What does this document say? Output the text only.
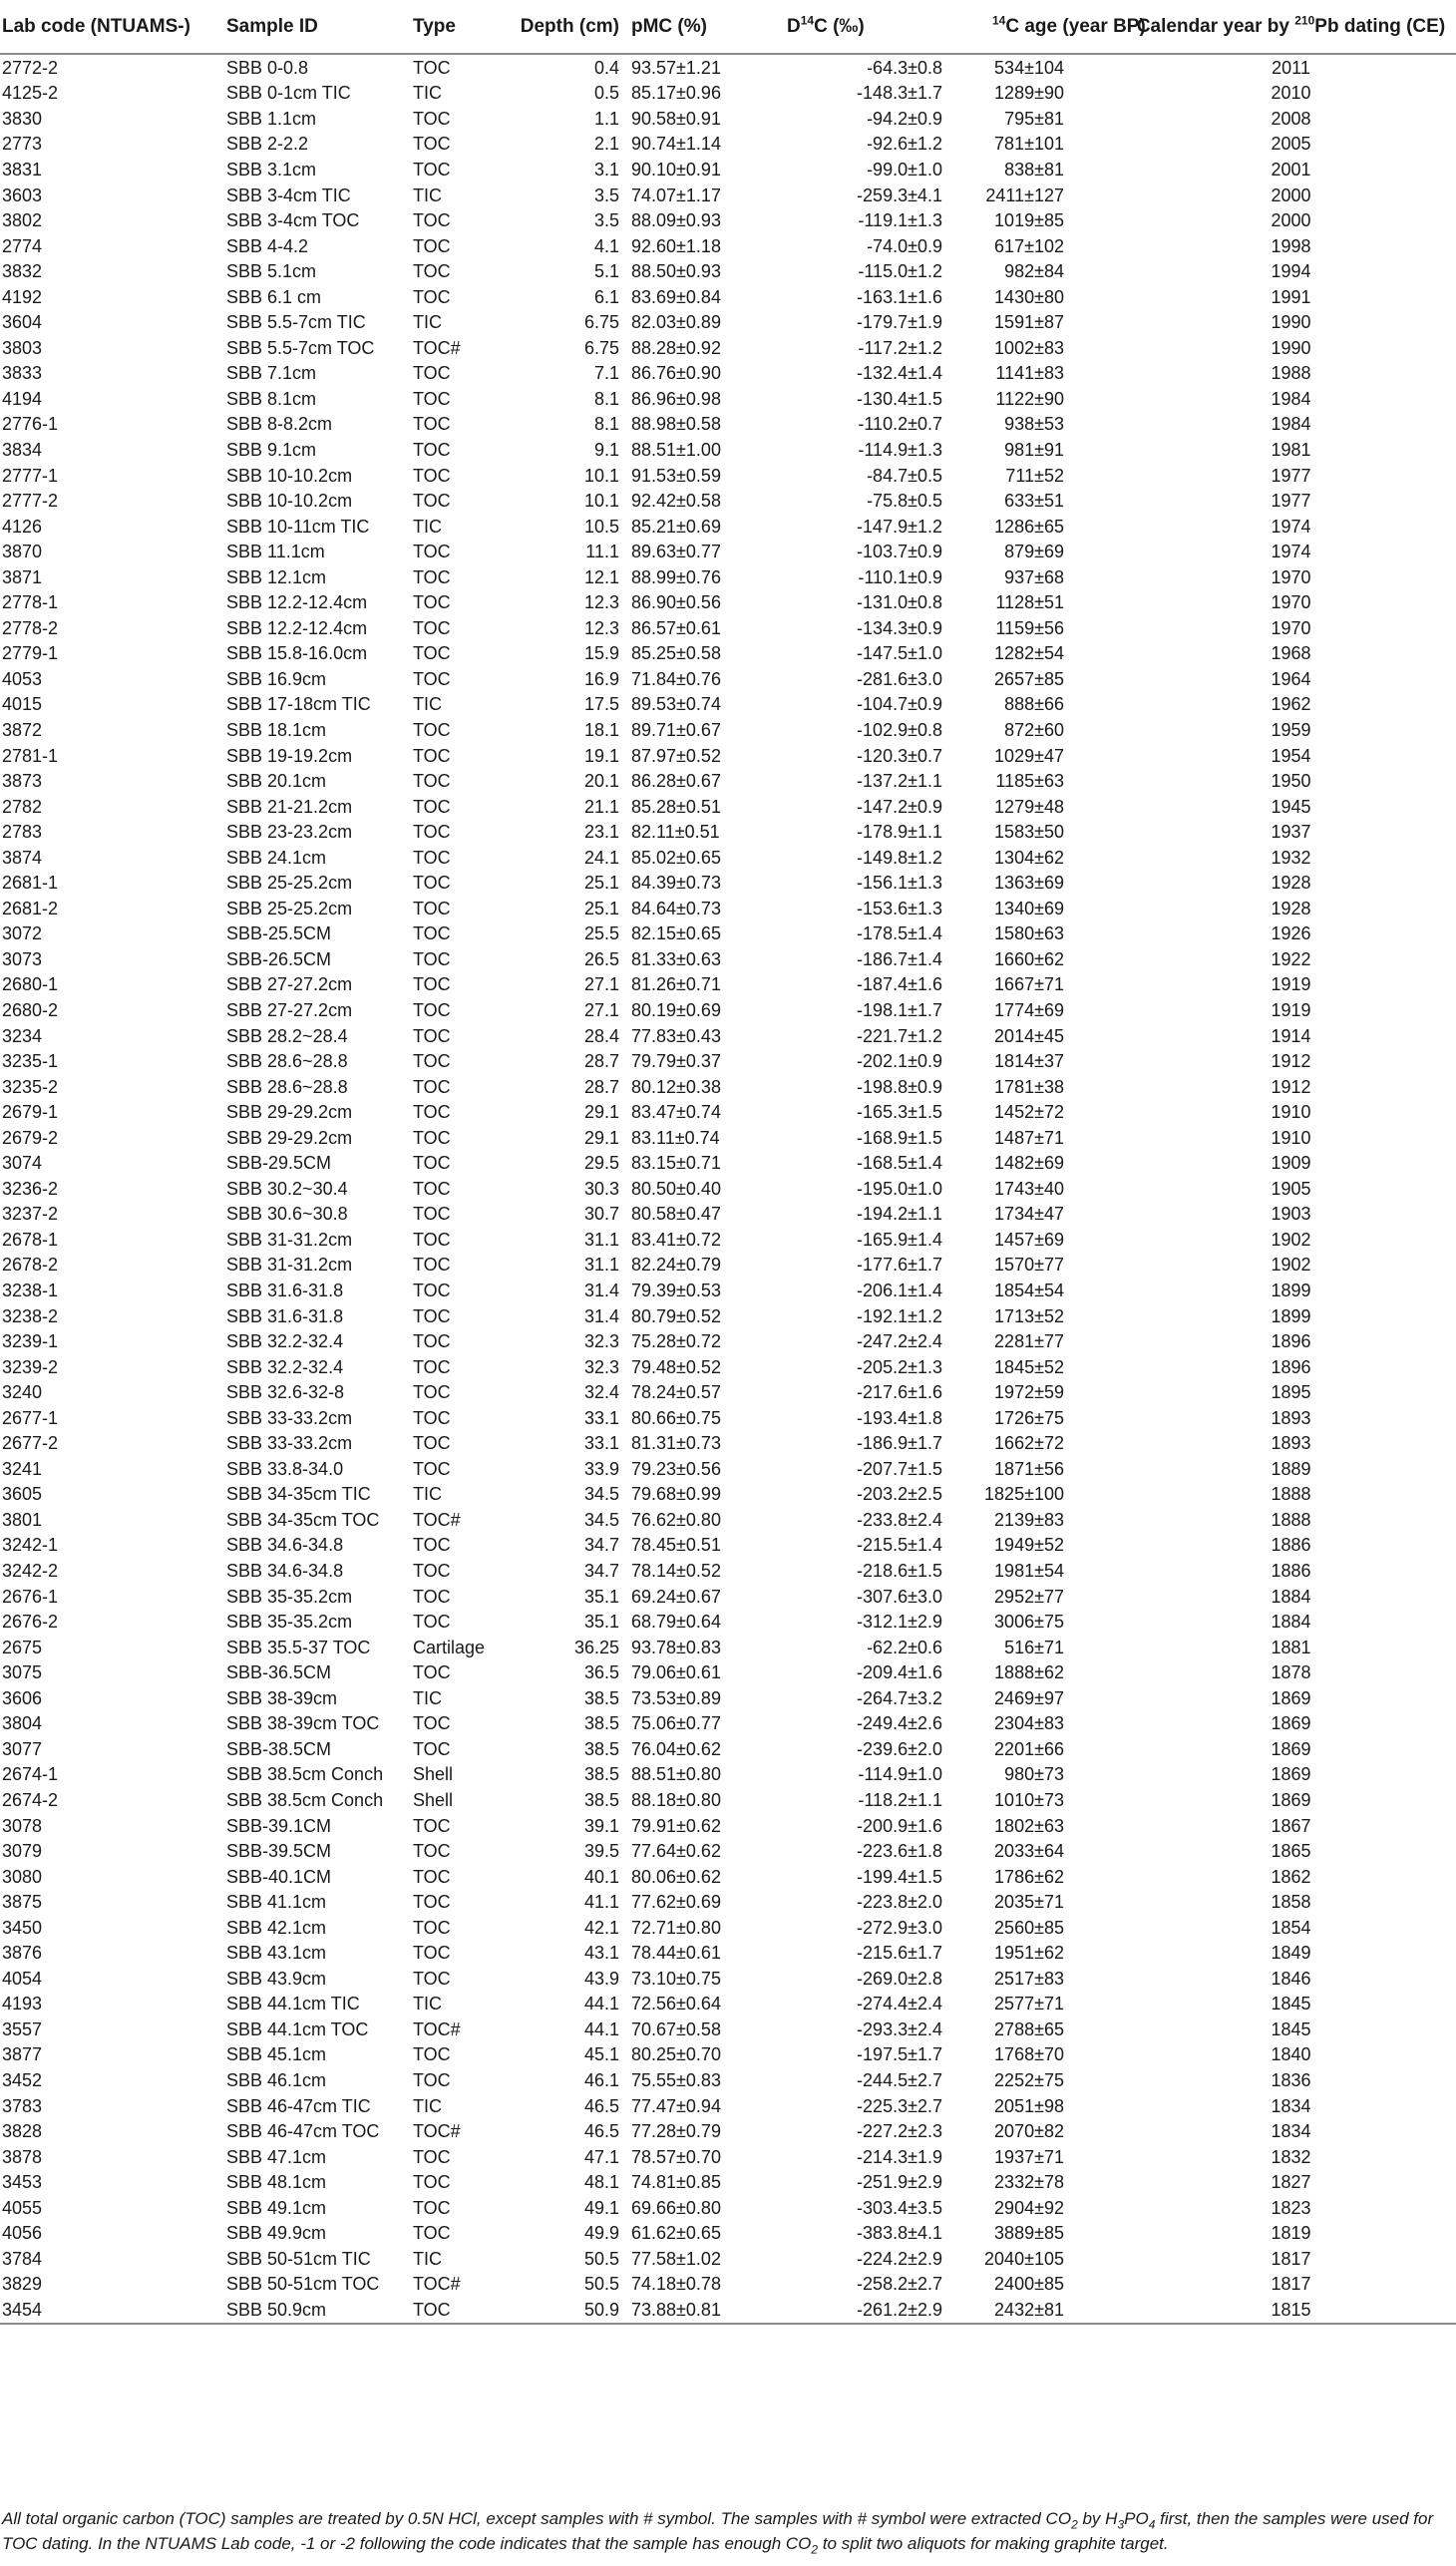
Lab code (NTUAMS-)	Sample ID	Type	Depth (cm)	pMC (%)	$D^{14}C$ (‰)	$^{14}$C age (year BP)	Calendar year by $^{210}$Pb dating (CE)
2772-2	SBB 0-0.8	TOC	0.4	93.57±1.21	-64.3±0.8	534±104	2011
4125-2	SBB 0-1cm TIC	TIC	0.5	85.17±0.96	-148.3±1.7	1289±90	2010
3830	SBB 1.1cm	TOC	1.1	90.58±0.91	-94.2±0.9	795±81	2008
2773	SBB 2-2.2	TOC	2.1	90.74±1.14	-92.6±1.2	781±101	2005
3831	SBB 3.1cm	TOC	3.1	90.10±0.91	-99.0±1.0	838±81	2001
3603	SBB 3-4cm TIC	TIC	3.5	74.07±1.17	-259.3±4.1	2411±127	2000
3802	SBB 3-4cm TOC	TOC	3.5	88.09±0.93	-119.1±1.3	1019±85	2000
2774	SBB 4-4.2	TOC	4.1	92.60±1.18	-74.0±0.9	617±102	1998
3832	SBB 5.1cm	TOC	5.1	88.50±0.93	-115.0±1.2	982±84	1994
4192	SBB 6.1 cm	TOC	6.1	83.69±0.84	-163.1±1.6	1430±80	1991
3604	SBB 5.5-7cm TIC	TIC	6.75	82.03±0.89	-179.7±1.9	1591±87	1990
3803	SBB 5.5-7cm TOC	TOC#	6.75	88.28±0.92	-117.2±1.2	1002±83	1990
3833	SBB 7.1cm	TOC	7.1	86.76±0.90	-132.4±1.4	1141±83	1988
4194	SBB 8.1cm	TOC	8.1	86.96±0.98	-130.4±1.5	1122±90	1984
2776-1	SBB 8-8.2cm	TOC	8.1	88.98±0.58	-110.2±0.7	938±53	1984
3834	SBB 9.1cm	TOC	9.1	88.51±1.00	-114.9±1.3	981±91	1981
2777-1	SBB 10-10.2cm	TOC	10.1	91.53±0.59	-84.7±0.5	711±52	1977
2777-2	SBB 10-10.2cm	TOC	10.1	92.42±0.58	-75.8±0.5	633±51	1977
4126	SBB 10-11cm TIC	TIC	10.5	85.21±0.69	-147.9±1.2	1286±65	1974
3870	SBB 11.1cm	TOC	11.1	89.63±0.77	-103.7±0.9	879±69	1974
3871	SBB 12.1cm	TOC	12.1	88.99±0.76	-110.1±0.9	937±68	1970
2778-1	SBB 12.2-12.4cm	TOC	12.3	86.90±0.56	-131.0±0.8	1128±51	1970
2778-2	SBB 12.2-12.4cm	TOC	12.3	86.57±0.61	-134.3±0.9	1159±56	1970
2779-1	SBB 15.8-16.0cm	TOC	15.9	85.25±0.58	-147.5±1.0	1282±54	1968
4053	SBB 16.9cm	TOC	16.9	71.84±0.76	-281.6±3.0	2657±85	1964
4015	SBB 17-18cm TIC	TIC	17.5	89.53±0.74	-104.7±0.9	888±66	1962
3872	SBB 18.1cm	TOC	18.1	89.71±0.67	-102.9±0.8	872±60	1959
2781-1	SBB 19-19.2cm	TOC	19.1	87.97±0.52	-120.3±0.7	1029±47	1954
3873	SBB 20.1cm	TOC	20.1	86.28±0.67	-137.2±1.1	1185±63	1950
2782	SBB 21-21.2cm	TOC	21.1	85.28±0.51	-147.2±0.9	1279±48	1945
2783	SBB 23-23.2cm	TOC	23.1	82.11±0.51	-178.9±1.1	1583±50	1937
3874	SBB 24.1cm	TOC	24.1	85.02±0.65	-149.8±1.2	1304±62	1932
2681-1	SBB 25-25.2cm	TOC	25.1	84.39±0.73	-156.1±1.3	1363±69	1928
2681-2	SBB 25-25.2cm	TOC	25.1	84.64±0.73	-153.6±1.3	1340±69	1928
3072	SBB-25.5CM	TOC	25.5	82.15±0.65	-178.5±1.4	1580±63	1926
3073	SBB-26.5CM	TOC	26.5	81.33±0.63	-186.7±1.4	1660±62	1922
2680-1	SBB 27-27.2cm	TOC	27.1	81.26±0.71	-187.4±1.6	1667±71	1919
2680-2	SBB 27-27.2cm	TOC	27.1	80.19±0.69	-198.1±1.7	1774±69	1919
3234	SBB 28.2~28.4	TOC	28.4	77.83±0.43	-221.7±1.2	2014±45	1914
3235-1	SBB 28.6~28.8	TOC	28.7	79.79±0.37	-202.1±0.9	1814±37	1912
3235-2	SBB 28.6~28.8	TOC	28.7	80.12±0.38	-198.8±0.9	1781±38	1912
2679-1	SBB 29-29.2cm	TOC	29.1	83.47±0.74	-165.3±1.5	1452±72	1910
2679-2	SBB 29-29.2cm	TOC	29.1	83.11±0.74	-168.9±1.5	1487±71	1910
3074	SBB-29.5CM	TOC	29.5	83.15±0.71	-168.5±1.4	1482±69	1909
3236-2	SBB 30.2~30.4	TOC	30.3	80.50±0.40	-195.0±1.0	1743±40	1905
3237-2	SBB 30.6~30.8	TOC	30.7	80.58±0.47	-194.2±1.1	1734±47	1903
2678-1	SBB 31-31.2cm	TOC	31.1	83.41±0.72	-165.9±1.4	1457±69	1902
2678-2	SBB 31-31.2cm	TOC	31.1	82.24±0.79	-177.6±1.7	1570±77	1902
3238-1	SBB 31.6-31.8	TOC	31.4	79.39±0.53	-206.1±1.4	1854±54	1899
3238-2	SBB 31.6-31.8	TOC	31.4	80.79±0.52	-192.1±1.2	1713±52	1899
3239-1	SBB 32.2-32.4	TOC	32.3	75.28±0.72	-247.2±2.4	2281±77	1896
3239-2	SBB 32.2-32.4	TOC	32.3	79.48±0.52	-205.2±1.3	1845±52	1896
3240	SBB 32.6-32-8	TOC	32.4	78.24±0.57	-217.6±1.6	1972±59	1895
2677-1	SBB 33-33.2cm	TOC	33.1	80.66±0.75	-193.4±1.8	1726±75	1893
2677-2	SBB 33-33.2cm	TOC	33.1	81.31±0.73	-186.9±1.7	1662±72	1893
3241	SBB 33.8-34.0	TOC	33.9	79.23±0.56	-207.7±1.5	1871±56	1889
3605	SBB 34-35cm TIC	TIC	34.5	79.68±0.99	-203.2±2.5	1825±100	1888
3801	SBB 34-35cm TOC	TOC#	34.5	76.62±0.80	-233.8±2.4	2139±83	1888
3242-1	SBB 34.6-34.8	TOC	34.7	78.45±0.51	-215.5±1.4	1949±52	1886
3242-2	SBB 34.6-34.8	TOC	34.7	78.14±0.52	-218.6±1.5	1981±54	1886
2676-1	SBB 35-35.2cm	TOC	35.1	69.24±0.67	-307.6±3.0	2952±77	1884
2676-2	SBB 35-35.2cm	TOC	35.1	68.79±0.64	-312.1±2.9	3006±75	1884
2675	SBB 35.5-37 TOC	Cartilage	36.25	93.78±0.83	-62.2±0.6	516±71	1881
3075	SBB-36.5CM	TOC	36.5	79.06±0.61	-209.4±1.6	1888±62	1878
3606	SBB 38-39cm	TIC	38.5	73.53±0.89	-264.7±3.2	2469±97	1869
3804	SBB 38-39cm TOC	TOC	38.5	75.06±0.77	-249.4±2.6	2304±83	1869
3077	SBB-38.5CM	TOC	38.5	76.04±0.62	-239.6±2.0	2201±66	1869
2674-1	SBB 38.5cm Conch	Shell	38.5	88.51±0.80	-114.9±1.0	980±73	1869
2674-2	SBB 38.5cm Conch	Shell	38.5	88.18±0.80	-118.2±1.1	1010±73	1869
3078	SBB-39.1CM	TOC	39.1	79.91±0.62	-200.9±1.6	1802±63	1867
3079	SBB-39.5CM	TOC	39.5	77.64±0.62	-223.6±1.8	2033±64	1865
3080	SBB-40.1CM	TOC	40.1	80.06±0.62	-199.4±1.5	1786±62	1862
3875	SBB 41.1cm	TOC	41.1	77.62±0.69	-223.8±2.0	2035±71	1858
3450	SBB 42.1cm	TOC	42.1	72.71±0.80	-272.9±3.0	2560±85	1854
3876	SBB 43.1cm	TOC	43.1	78.44±0.61	-215.6±1.7	1951±62	1849
4054	SBB 43.9cm	TOC	43.9	73.10±0.75	-269.0±2.8	2517±83	1846
4193	SBB 44.1cm TIC	TIC	44.1	72.56±0.64	-274.4±2.4	2577±71	1845
3557	SBB 44.1cm TOC	TOC#	44.1	70.67±0.58	-293.3±2.4	2788±65	1845
3877	SBB 45.1cm	TOC	45.1	80.25±0.70	-197.5±1.7	1768±70	1840
3452	SBB 46.1cm	TOC	46.1	75.55±0.83	-244.5±2.7	2252±75	1836
3783	SBB 46-47cm TIC	TIC	46.5	77.47±0.94	-225.3±2.7	2051±98	1834
3828	SBB 46-47cm TOC	TOC#	46.5	77.28±0.79	-227.2±2.3	2070±82	1834
3878	SBB 47.1cm	TOC	47.1	78.57±0.70	-214.3±1.9	1937±71	1832
3453	SBB 48.1cm	TOC	48.1	74.81±0.85	-251.9±2.9	2332±78	1827
4055	SBB 49.1cm	TOC	49.1	69.66±0.80	-303.4±3.5	2904±92	1823
4056	SBB 49.9cm	TOC	49.9	61.62±0.65	-383.8±4.1	3889±85	1819
3784	SBB 50-51cm TIC	TIC	50.5	77.58±1.02	-224.2±2.9	2040±105	1817
3829	SBB 50-51cm TOC	TOC#	50.5	74.18±0.78	-258.2±2.7	2400±85	1817
3454	SBB 50.9cm	TOC	50.9	73.88±0.81	-261.2±2.9	2432±81	1815
All total organic carbon (TOC) samples are treated by 0.5N HCl, except samples with # symbol. The samples with # symbol were extracted $CO_2$ by $H_3PO_4$ first, then the samples were used for TOC dating. In the NTUAMS Lab code, -1 or -2 following the code indicates that the sample has enough $CO_2$ to split two aliquots for making graphite target.
